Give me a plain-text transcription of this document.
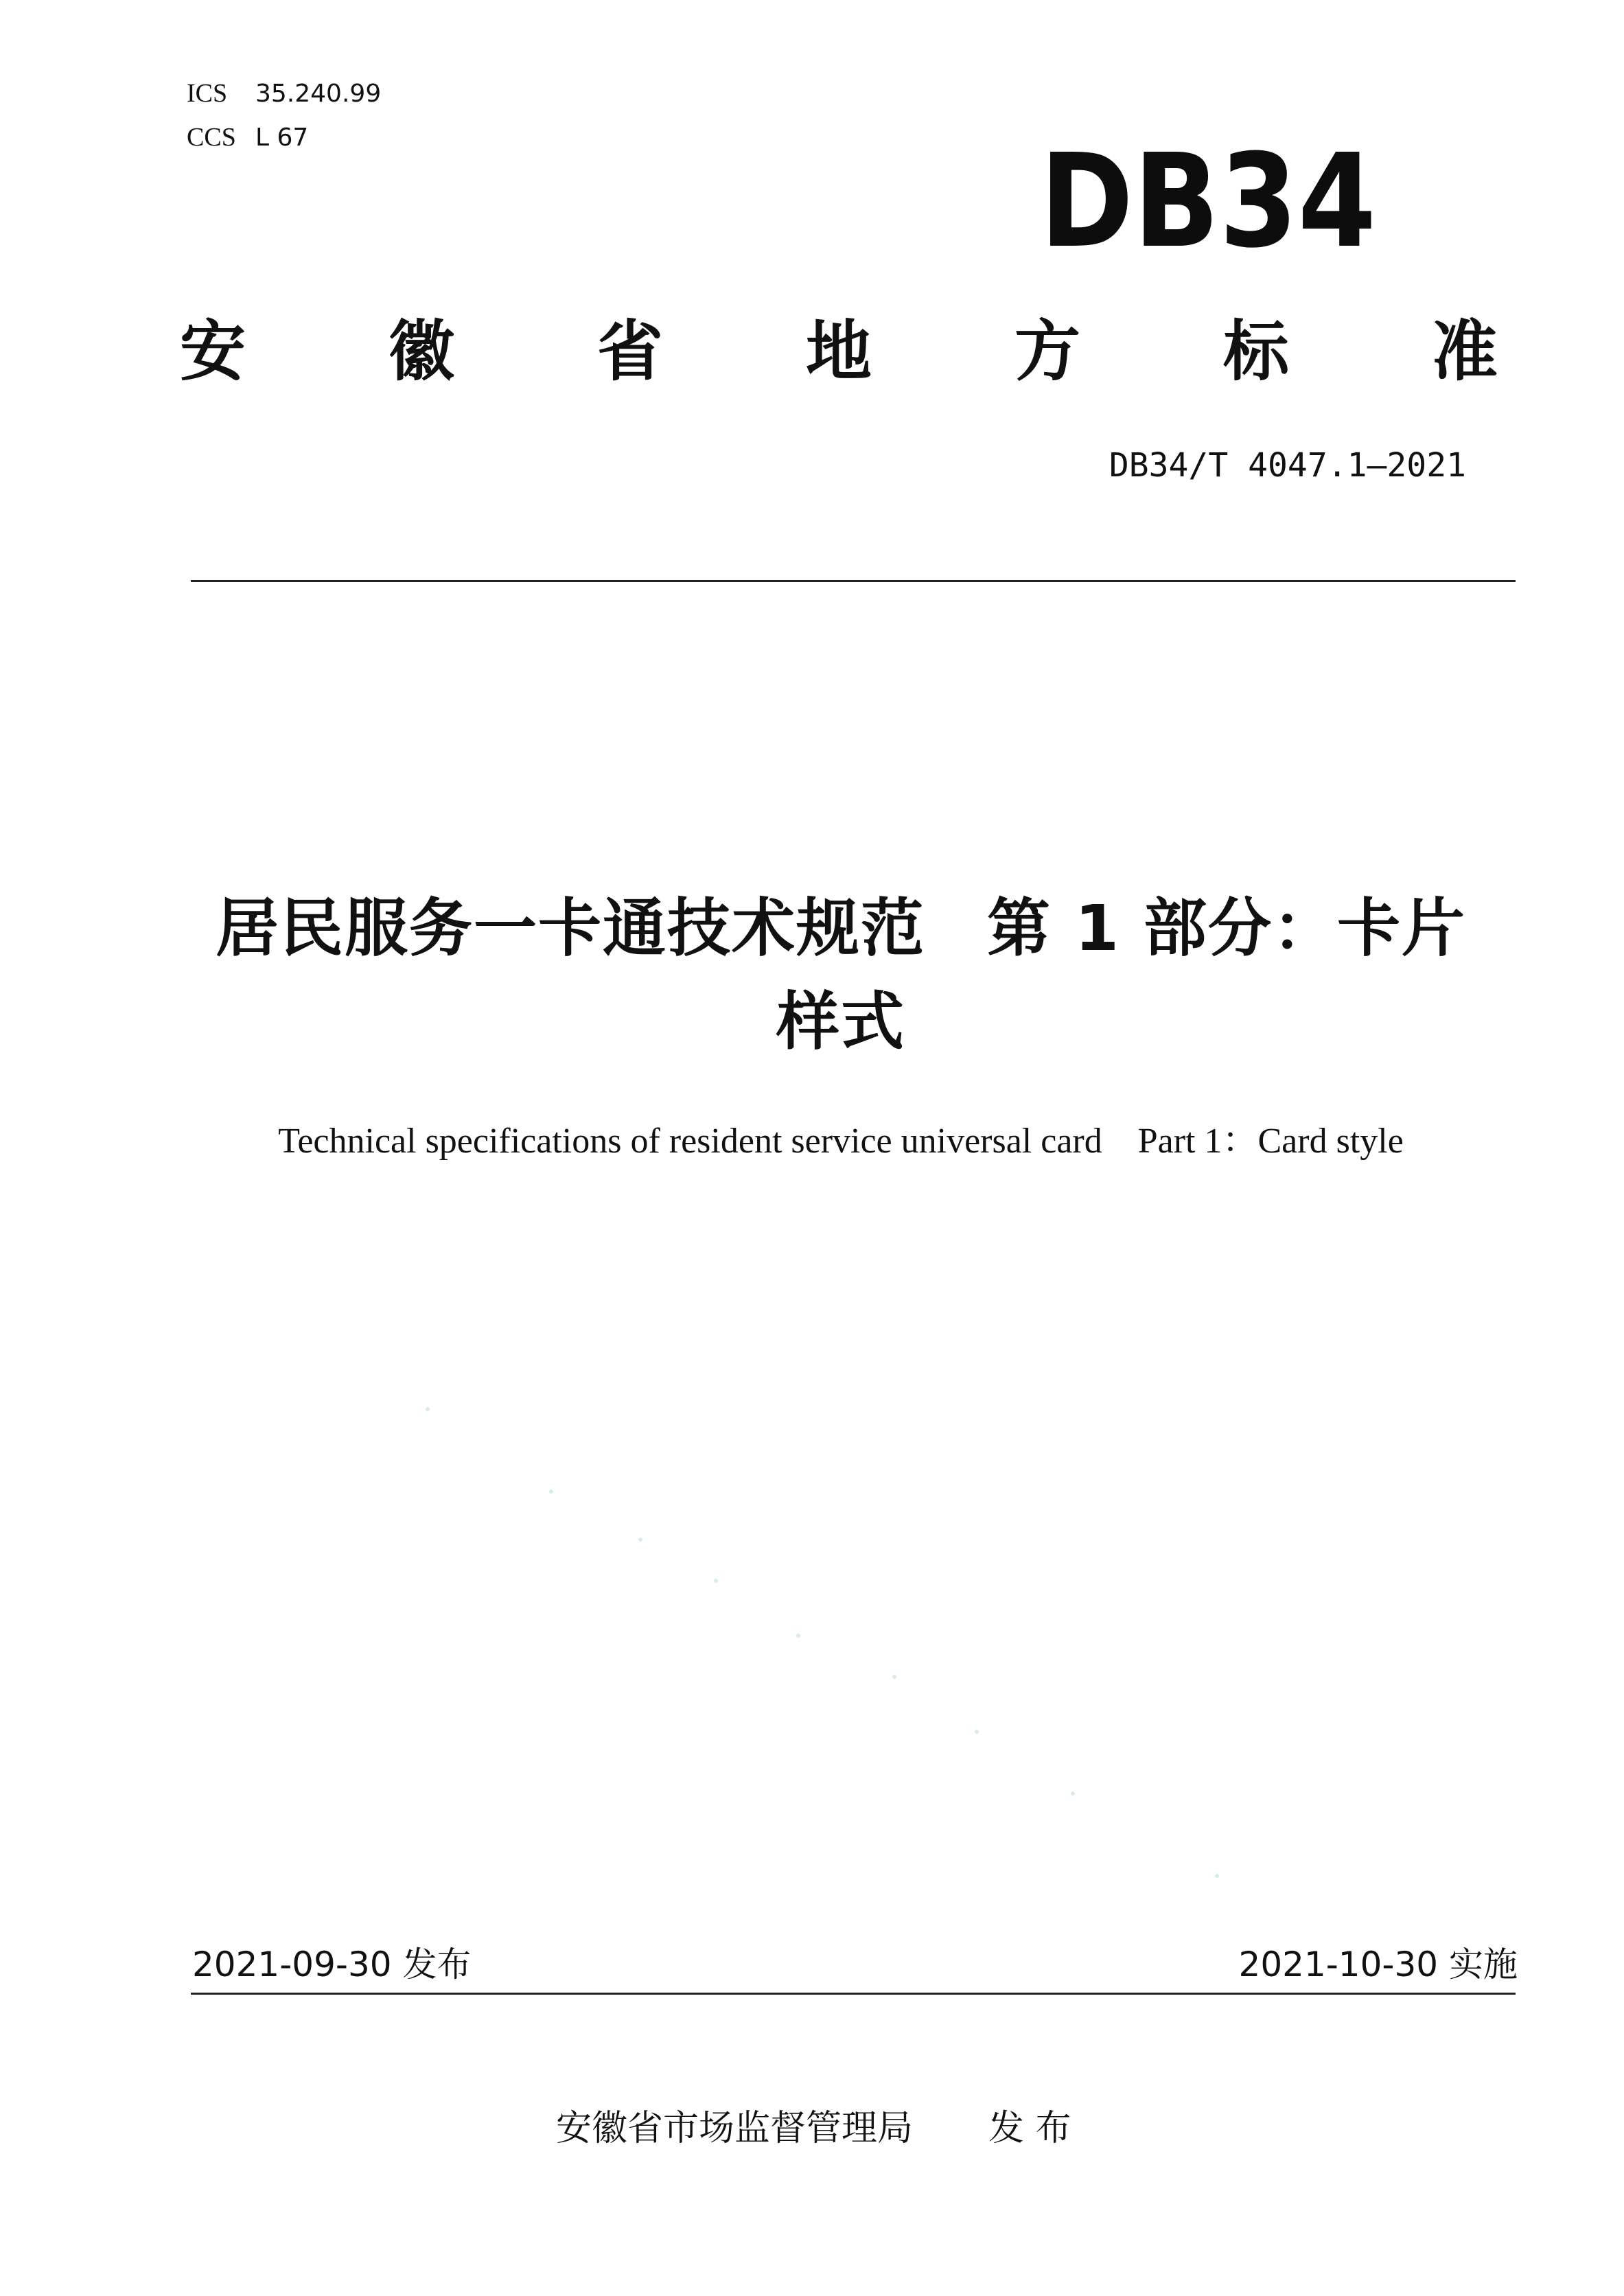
ICS 35.240.99
CCS L 67	DB34
安 徽 省 地 方 标 准
DB34/T 4047.1—2021
居民服务一卡通技术规范 第 1 部分：卡片
样式
Technical specifications of resident service universal card Part 1：Card style
2021-09-30 发布	2021-10-30 实施
安徽省市场监督管理局 发 布
